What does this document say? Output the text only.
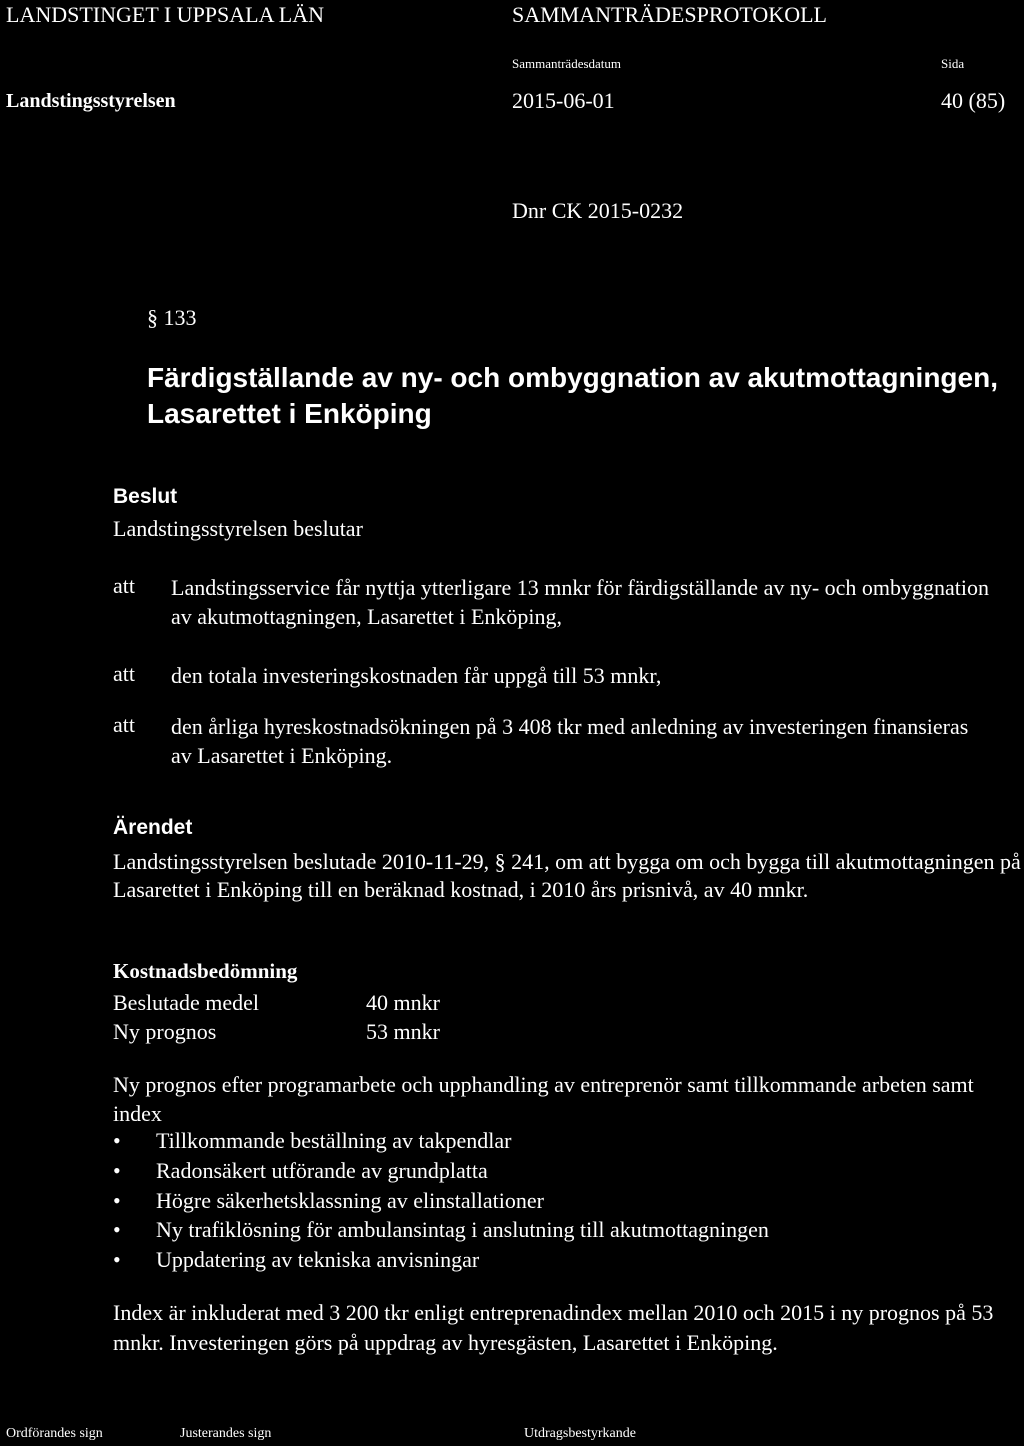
LANDSTINGET I UPPSALA LÄN	SAMMANTRÄDESPROTOKOLL
Sammanträdesdatum	Sida
Landstingsstyrelsen	2015-06-01	40 (85)
Dnr CK 2015-0232
§ 133
Färdigställande av ny- och ombyggnation av akutmottagningen, Lasarettet i Enköping
Beslut
Landstingsstyrelsen beslutar
att Landstingsservice får nyttja ytterligare 13 mnkr för färdigställande av ny- och ombyggnation av akutmottagningen, Lasarettet i Enköping,
att den totala investeringskostnaden får uppgå till 53 mnkr,
att den årliga hyreskostnadsökningen på 3 408 tkr med anledning av investeringen finansieras av Lasarettet i Enköping.
Ärendet
Landstingsstyrelsen beslutade 2010-11-29, § 241, om att bygga om och bygga till akutmottagningen på Lasarettet i Enköping till en beräknad kostnad, i 2010 års prisnivå, av 40 mnkr.
Kostnadsbedömning
Beslutade medel	40 mnkr
Ny prognos	53 mnkr
Ny prognos efter programarbete och upphandling av entreprenör samt tillkommande arbeten samt index
• Tillkommande beställning av takpendlar
• Radonsäkert utförande av grundplatta
• Högre säkerhetsklassning av elinstallationer
• Ny trafiklösning för ambulansintag i anslutning till akutmottagningen
• Uppdatering av tekniska anvisningar
Index är inkluderat med 3 200 tkr enligt entreprenadindex mellan 2010 och 2015 i ny prognos på 53 mnkr. Investeringen görs på uppdrag av hyresgästen, Lasarettet i Enköping.
Ordförandes sign	Justerandes sign	Utdragsbestyrkande
